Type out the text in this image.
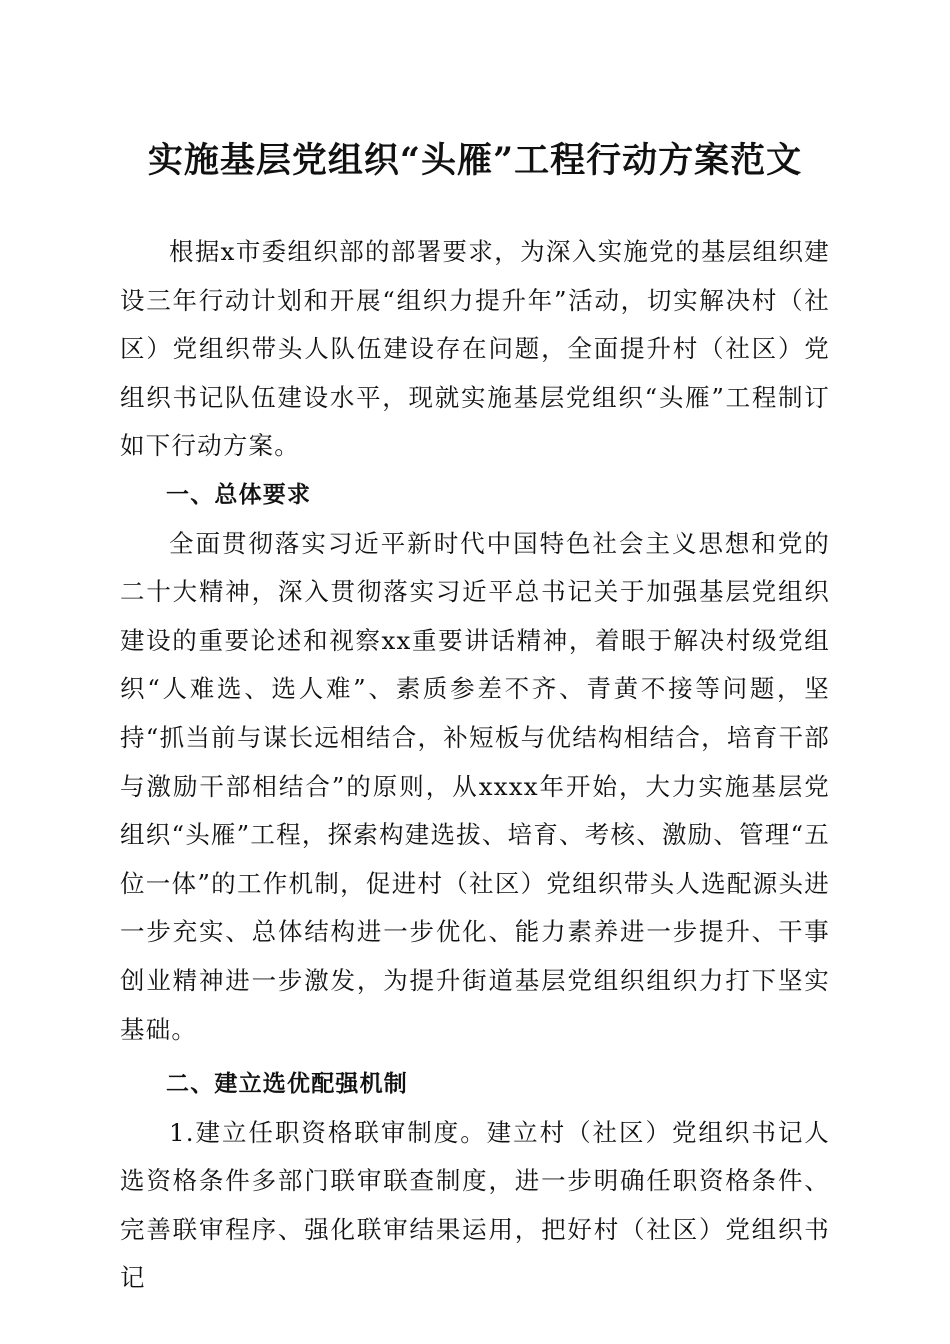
实施基层党组织“头雁”工程行动方案范文

根据x市委组织部的部署要求，为深入实施党的基层组织建设三年行动计划和开展“组织力提升年”活动，切实解决村（社区）党组织带头人队伍建设存在问题，全面提升村（社区）党组织书记队伍建设水平，现就实施基层党组织“头雁”工程制订如下行动方案。

一、总体要求

全面贯彻落实习近平新时代中国特色社会主义思想和党的二十大精神，深入贯彻落实习近平总书记关于加强基层党组织建设的重要论述和视察xx重要讲话精神，着眼于解决村级党组织“人难选、选人难”、素质参差不齐、青黄不接等问题，坚持“抓当前与谋长远相结合，补短板与优结构相结合，培育干部与激励干部相结合”的原则，从xxxx年开始，大力实施基层党组织“头雁”工程，探索构建选拔、培育、考核、激励、管理“五位一体”的工作机制，促进村（社区）党组织带头人选配源头进一步充实、总体结构进一步优化、能力素养进一步提升、干事创业精神进一步激发，为提升街道基层党组织组织力打下坚实基础。

二、建立选优配强机制

1.建立任职资格联审制度。建立村（社区）党组织书记人选资格条件多部门联审联查制度，进一步明确任职资格条件、完善联审程序、强化联审结果运用，把好村（社区）党组织书记
